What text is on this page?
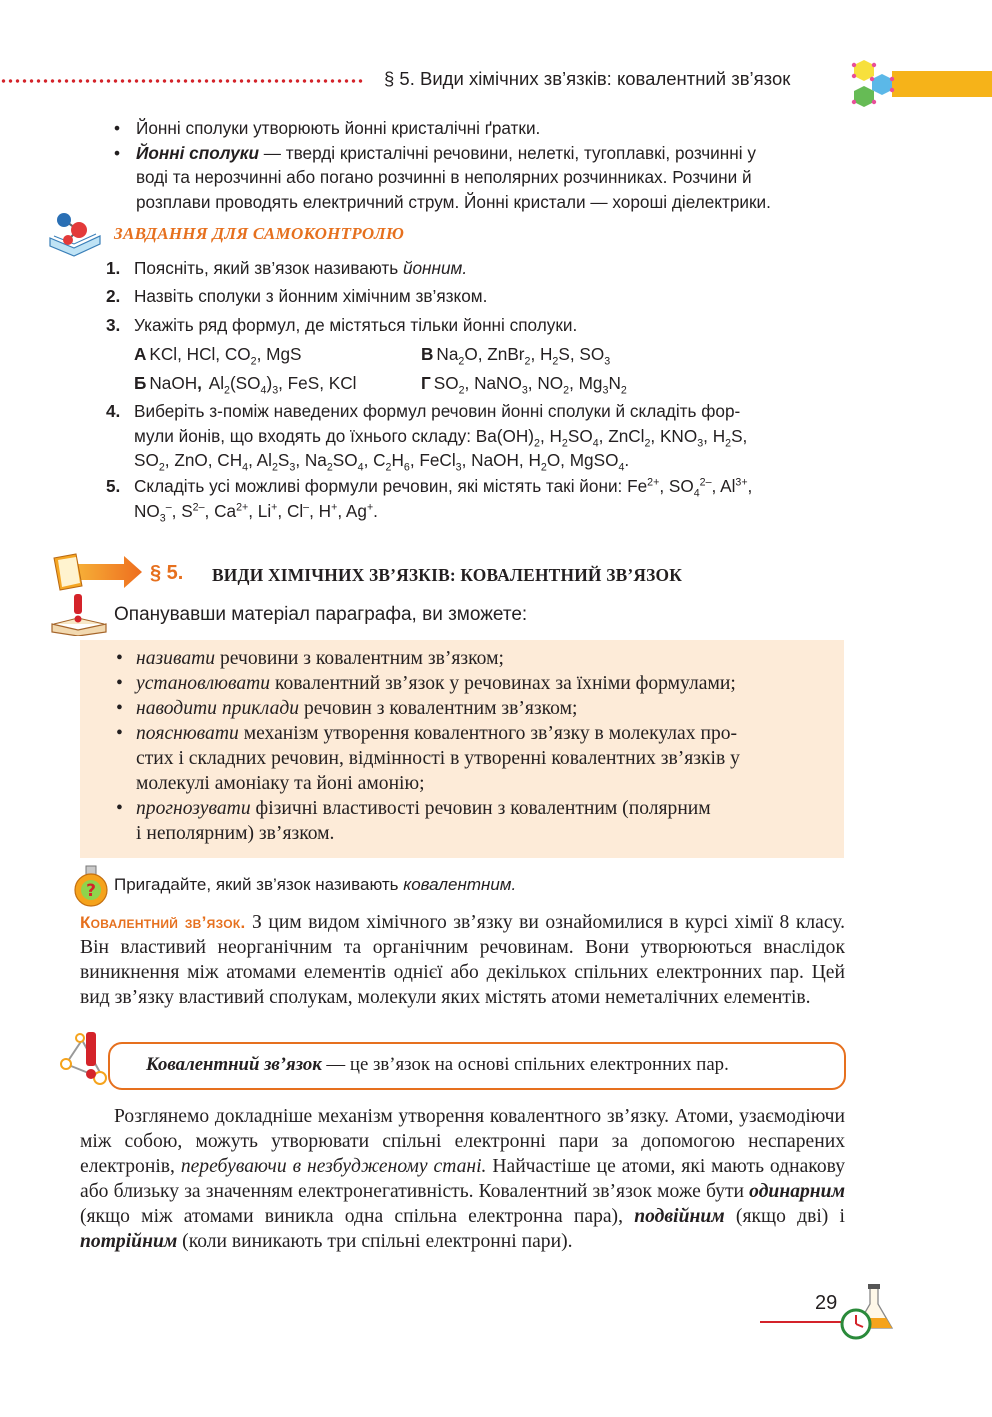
§ 5. Види хімічних зв’язків: ковалентний зв’язок
• Йонні сполуки утворюють йонні кристалічні ґратки.
• Йонні сполуки — тверді кристалічні речовини, нелеткі, тугоплавкі, розчинні у
воді та нерозчинні або погано розчинні в неполярних розчинниках. Розчини й
розплави проводять електричний струм. Йонні кристали — хороші діелектрики.
ЗАВДАННЯ ДЛЯ САМОКОНТРОЛЮ
1. Поясніть, який зв’язок називають йонним.
2. Назвіть сполуки з йонним хімічним зв’язком.
3. Укажіть ряд формул, де містяться тільки йонні сполуки.
А KCl, HCl, $CO_2$, MgS	В $Na_2O$, ZnBr$_2$, $H_2S$, $SO_3$
Б NaOH, $Al_2(SO_4)_3$, FeS, KCl	Г $SO_2$, NaNO$_3$, $NO_2$, $Mg_3N_2$
4. Виберіть з-поміж наведених формул речовин йонні сполуки й складіть фор-
мули йонів, що входять до їхнього складу: $Ba(OH)_2$, $H_2SO_4$, ZnCl$_2$, $KNO_3$, $H_2S$,
$SO_2$, ZnO, $CH_4$, $Al_2S_3$, $Na_2SO_4$, $C_2H_6$, FeCl$_3$, NaOH, $H_2O$, MgSO$_4$.
5. Складіть усі можливі формули речовин, які містять такі йони: $Fe^{2+}$, $SO_4^{2-}$, $Al^{3+}$,
$NO_3^-$, $S^{2-}$, $Ca^{2+}$, Li+, Cl–, H+, Ag+.
§ 5. ВИДИ ХІМІЧНИХ ЗВ’ЯЗКІВ: КОВАЛЕНТНИЙ ЗВ’ЯЗОК
Опанувавши матеріал параграфа, ви зможете:
• називати речовини з ковалентним зв’язком;
• установлювати ковалентний зв’язок у речовинах за їхніми формулами;
• наводити приклади речовин з ковалентним зв’язком;
• пояснювати механізм утворення ковалентного зв’язку в молекулах про-
стих і складних речовин, відмінності в утворенні ковалентних зв’язків у
молекулі амоніаку та йоні амонію;
• прогнозувати фізичні властивості речовин з ковалентним (полярним
і неполярним) зв’язком.
? Пригадайте, який зв’язок називають ковалентним.
Ковалентний зв’язок. З цим видом хімічного зв’язку ви ознайомилися в курсі хімії 8 класу. Він властивий неорганічним та органічним речовинам. Вони утворюються внаслідок виникнення між атомами елементів однієї або декількох спільних електронних пар. Цей вид зв’язку властивий сполукам, молекули яких містять атоми неметалічних елементів.
Ковалентний зв’язок — це зв’язок на основі спільних електронних пар.
Розглянемо докладніше механізм утворення ковалентного зв’язку. Атоми, узаємодіючи між собою, можуть утворювати спільні електронні пари за допомогою неспарених електронів, перебуваючи в незбудженому стані. Найчастіше це атоми, які мають однакову або близьку за значенням електронегативність. Ковалентний зв’язок може бути одинарним (якщо між атомами виникла одна спільна електронна пара), подвійним (якщо дві) і потрійним (коли виникають три спільні електронні пари).
29
